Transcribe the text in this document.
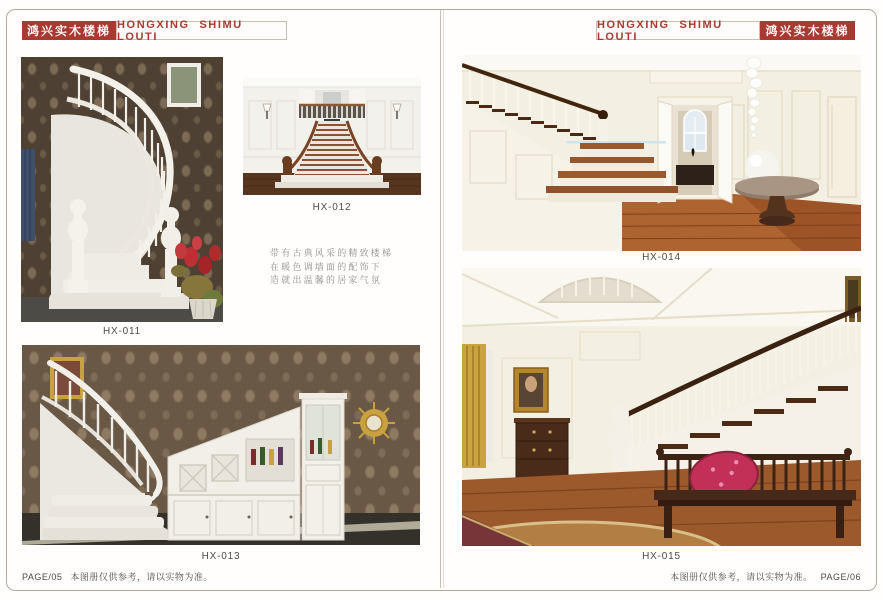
鸿兴实木楼梯 HONGXING SHIMU LOUTI
HONGXING SHIMU LOUTI	鸿兴实木楼梯
HX-011
HX-012
带有古典风采的精致楼梯
在暖色调墙面的配饰下
造就出温馨的居家气氛
HX-013
PAGE/05 本图册仅供参考，请以实物为准。
HX-014
HX-015
本图册仅供参考，请以实物为准。 PAGE/06
